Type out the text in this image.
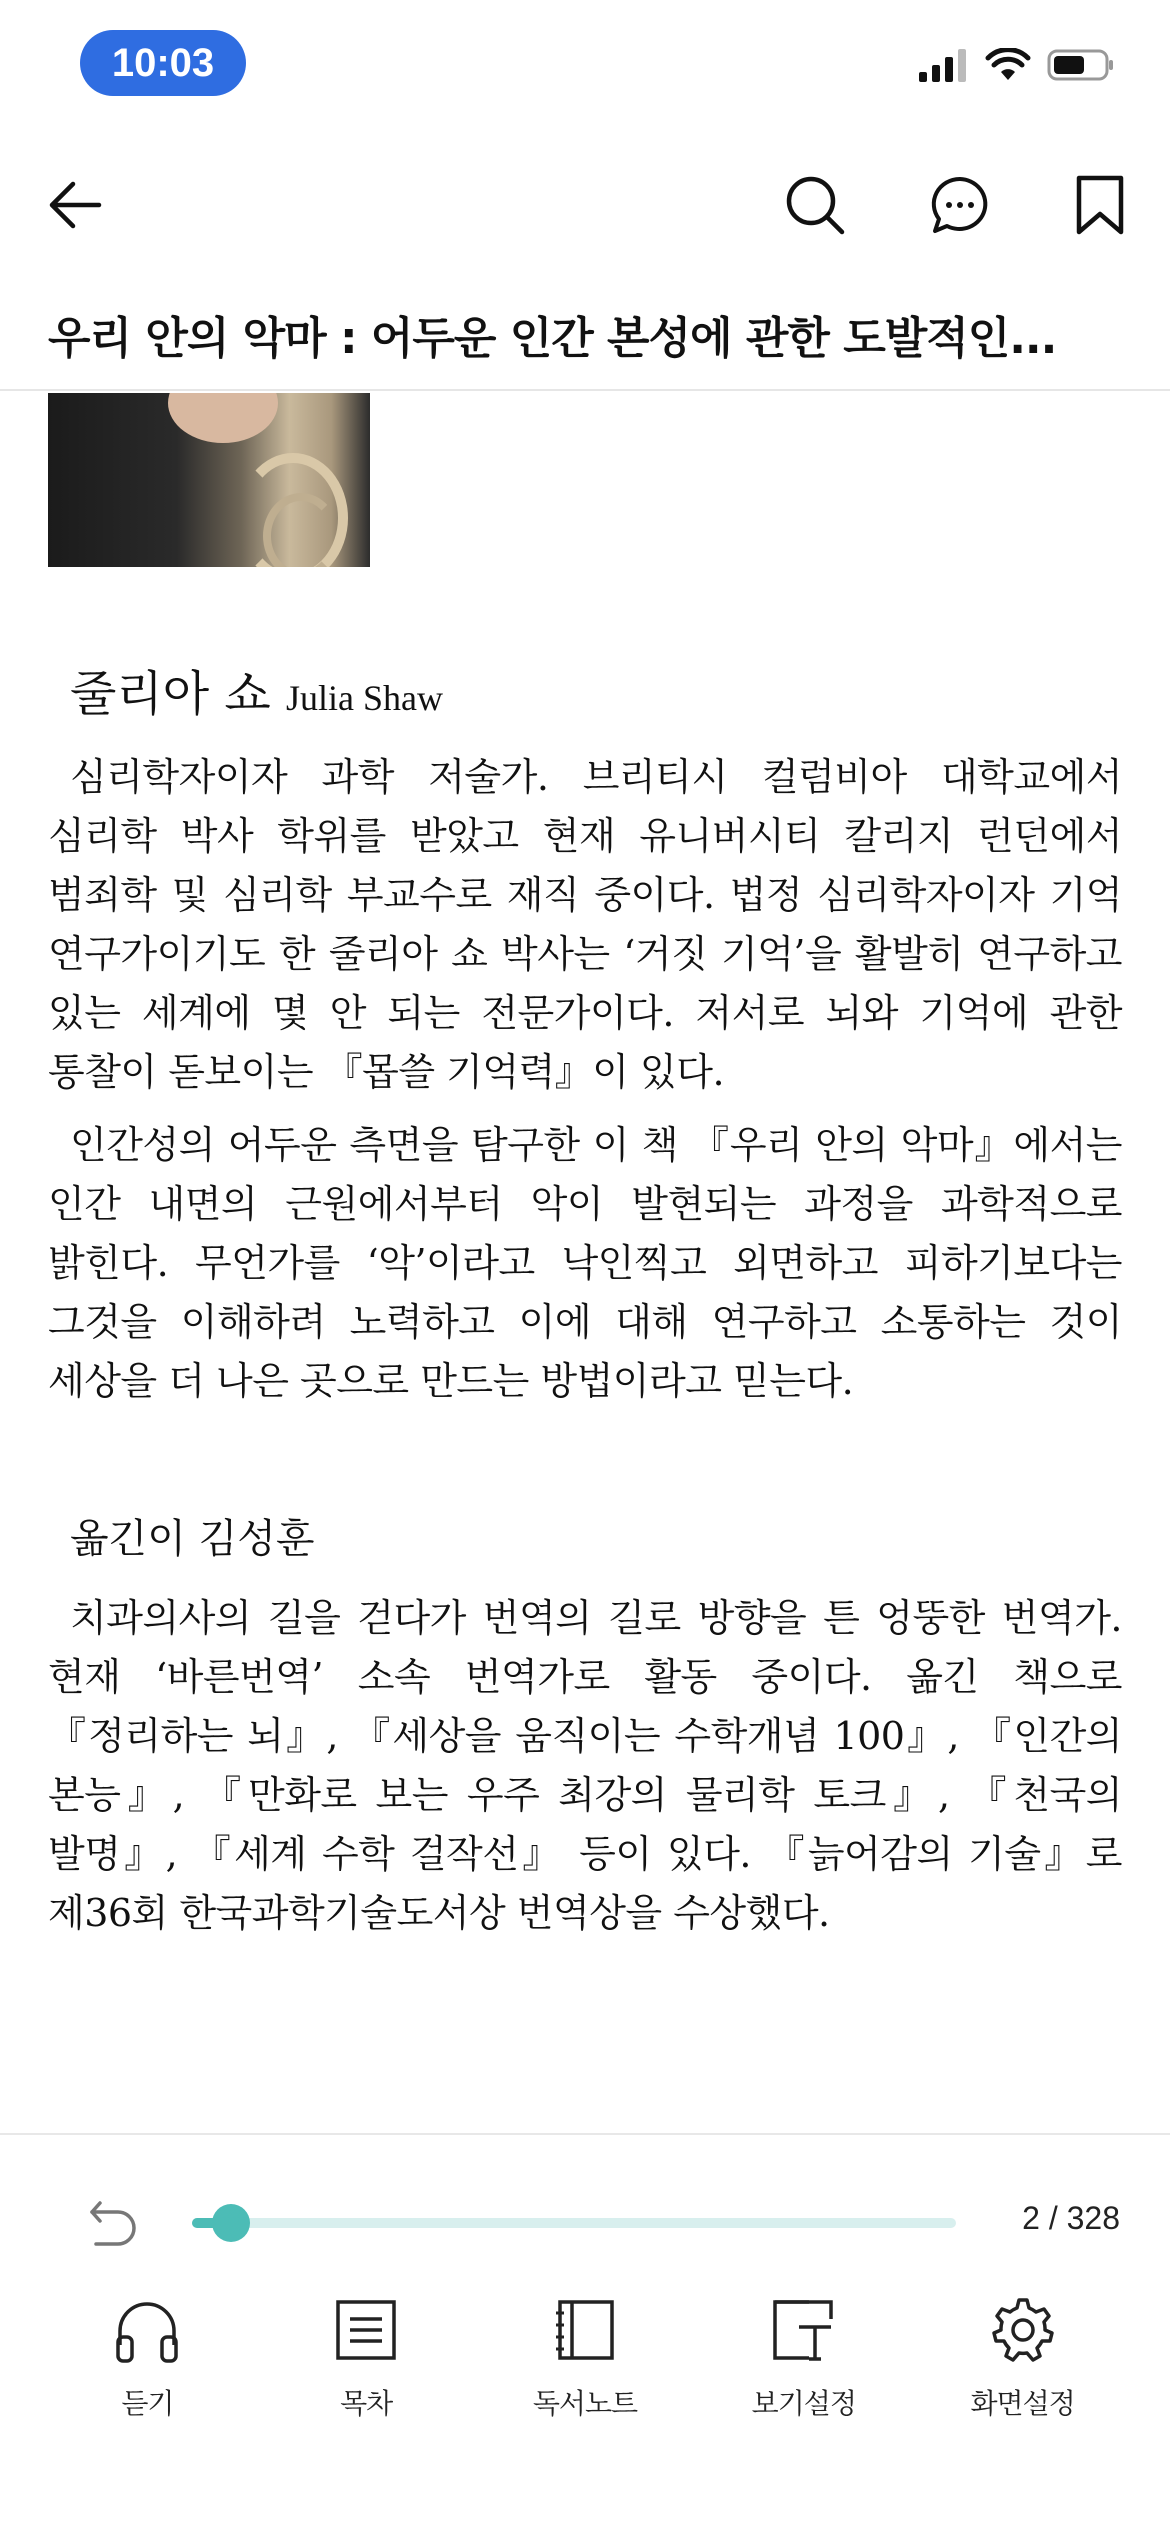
10:03
우리 안의 악마 : 어두운 인간 본성에 관한 도발적인...
줄리아 쇼 Julia Shaw

심리학자이자 과학 저술가. 브리티시 컬럼비아 대학교에서 심리학 박사 학위를 받았고 현재 유니버시티 칼리지 런던에서 범죄학 및 심리학 부교수로 재직 중이다. 법정 심리학자이자 기억 연구가이기도 한 줄리아 쇼 박사는 ‘거짓 기억’을 활발히 연구하고 있는 세계에 몇 안 되는 전문가이다. 저서로 뇌와 기억에 관한 통찰이 돋보이는 『몹쓸 기억력』이 있다.

인간성의 어두운 측면을 탐구한 이 책 『우리 안의 악마』에서는 인간 내면의 근원에서부터 악이 발현되는 과정을 과학적으로 밝힌다. 무언가를 ‘악’이라고 낙인찍고 외면하고 피하기보다는 그것을 이해하려 노력하고 이에 대해 연구하고 소통하는 것이 세상을 더 나은 곳으로 만드는 방법이라고 믿는다.

옮긴이 김성훈

치과의사의 길을 걷다가 번역의 길로 방향을 튼 엉뚱한 번역가. 현재 ‘바른번역’ 소속 번역가로 활동 중이다. 옮긴 책으로 『정리하는 뇌』, 『세상을 움직이는 수학개념 100』, 『인간의 본능』, 『만화로 보는 우주 최강의 물리학 토크』, 『천국의 발명』, 『세계 수학 걸작선』 등이 있다. 『늙어감의 기술』로 제36회 한국과학기술도서상 번역상을 수상했다.

2 / 328
듣기	목차	독서노트	보기설정	화면설정
